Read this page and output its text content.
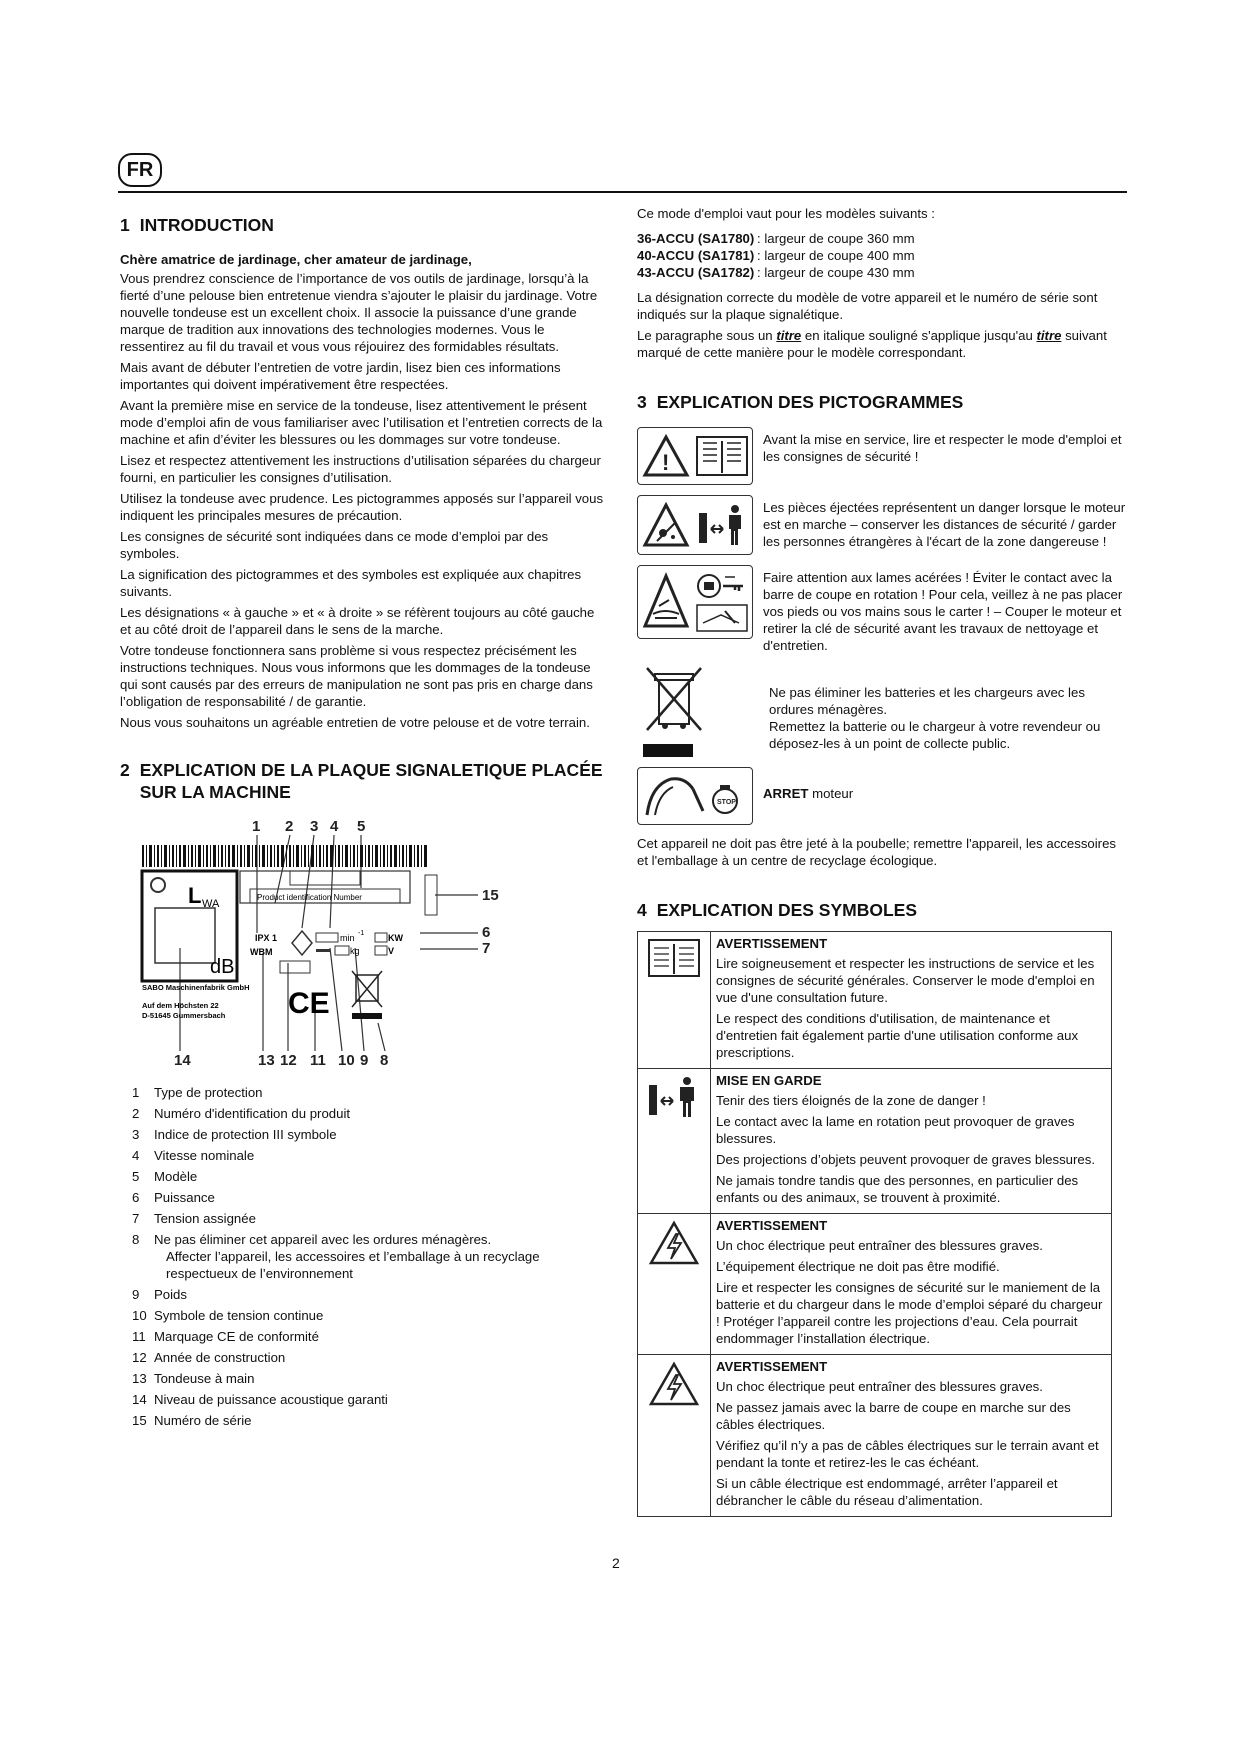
FR
1 INTRODUCTION

Chère amatrice de jardinage, cher amateur de jardinage,

Vous prendrez conscience de l’importance de vos outils de jardinage, lorsqu’à la fierté d’une pelouse bien entretenue viendra s’ajouter le plaisir du jardinage. Votre nouvelle tondeuse est un excellent choix. Il associe la puissance d’une grande marque de tradition aux innovations des technologies modernes. Vous le ressentirez au fil du travail et vous vous réjouirez des formidables résultats.

Mais avant de débuter l’entretien de votre jardin, lisez bien ces informations importantes qui doivent impérativement être respectées.

Avant la première mise en service de la tondeuse, lisez attentivement le présent mode d’emploi afin de vous familiariser avec l’utilisation et l’entretien corrects de la machine et afin d’éviter les blessures ou les dommages sur votre tondeuse.

Lisez et respectez attentivement les instructions d’utilisation séparées du chargeur fourni, en particulier les consignes d’utilisation.

Utilisez la tondeuse avec prudence. Les pictogrammes apposés sur l’appareil vous indiquent les principales mesures de précaution.

Les consignes de sécurité sont indiquées dans ce mode d’emploi par des symboles.

La signification des pictogrammes et des symboles est expliquée aux chapitres suivants.

Les désignations « à gauche » et « à droite » se réfèrent toujours au côté gauche et au côté droit de l’appareil dans le sens de la marche.

Votre tondeuse fonctionnera sans problème si vous respectez précisément les instructions techniques. Nous vous informons que les dommages de la tondeuse qui sont causés par des erreurs de manipulation ne sont pas pris en charge dans l’obligation de responsabilité / de garantie.

Nous vous souhaitons un agréable entretien de votre pelouse et de votre terrain.

2 EXPLICATION DE LA PLAQUE SIGNALETIQUE PLACÉE SUR LA MACHINE
1 2 3 4 5
15
6
7
14	13 12 11 10 9 8
L WA
dB
Product identification Number
IPX 1
WBM
min -1
kg
KW
V
SABO Maschinenfabrik GmbH
Auf dem Höchsten 22
D-51645 Gummersbach CE
1	Type de protection
2	Numéro d'identification du produit
3	Indice de protection III symbole
4	Vitesse nominale
5	Modèle
6	Puissance
7	Tension assignée
8	Ne pas éliminer cet appareil avec les ordures ménagères.

Affecter l’appareil, les accessoires et l’emballage à un recyclage respectueux de l’environnement
9	Poids
10 Symbole de tension continue
11 Marquage CE de conformité
12 Année de construction
13 Tondeuse à main
14 Niveau de puissance acoustique garanti
15 Numéro de série

Ce mode d'emploi vaut pour les modèles suivants :

36-ACCU (SA1780) : largeur de coupe 360 mm
40-ACCU (SA1781) : largeur de coupe 400 mm
43-ACCU (SA1782) : largeur de coupe 430 mm

La désignation correcte du modèle de votre appareil et le numéro de série sont indiqués sur la plaque signalétique.

Le paragraphe sous un titre en italique souligné s'applique jusqu'au titre suivant marqué de cette manière pour le modèle correspondant.

3 EXPLICATION DES PICTOGRAMMES
!
Avant la mise en service, lire et respecter le mode d'emploi et les consignes de sécurité !
Les pièces éjectées représentent un danger lorsque le moteur est en marche – conserver les distances de sécurité / garder les personnes étrangères à l'écart de la zone dangereuse !
Faire attention aux lames acérées ! Éviter le contact avec la barre de coupe en rotation ! Pour cela, veillez à ne pas placer vos pieds ou vos mains sous le carter ! – Couper le moteur et retirer la clé de sécurité avant les travaux de nettoyage et d'entretien.
Ne pas éliminer les batteries et les chargeurs avec les ordures ménagères.
Remettez la batterie ou le chargeur à votre revendeur ou déposez-les à un point de collecte public.
STOP
ARRET moteur

Cet appareil ne doit pas être jeté à la poubelle; remettre l'appareil, les accessoires et l'emballage à un centre de recyclage écologique.

4 EXPLICATION DES SYMBOLES

AVERTISSEMENT

Lire soigneusement et respecter les instructions de service et les consignes de sécurité générales. Conserver le mode d'emploi en vue d'une consultation future.

Le respect des conditions d'utilisation, de maintenance et d'entretien fait également partie d'une utilisation conforme aux prescriptions.

MISE EN GARDE

Tenir des tiers éloignés de la zone de danger !

Le contact avec la lame en rotation peut provoquer de graves blessures.

Des projections d’objets peuvent provoquer de graves blessures.

Ne jamais tondre tandis que des personnes, en particulier des enfants ou des animaux, se trouvent à proximité.

AVERTISSEMENT

Un choc électrique peut entraîner des blessures graves.

L’équipement électrique ne doit pas être modifié.

Lire et respecter les consignes de sécurité sur le maniement de la batterie et du chargeur dans le mode d’emploi séparé du chargeur ! Protéger l’appareil contre les projections d’eau. Cela pourrait endommager l’installation électrique.

AVERTISSEMENT

Un choc électrique peut entraîner des blessures graves.

Ne passez jamais avec la barre de coupe en marche sur des câbles électriques.

Vérifiez qu’il n’y a pas de câbles électriques sur le terrain avant et pendant la tonte et retirez-les le cas échéant.

Si un câble électrique est endommagé, arrêter l’appareil et débrancher le câble du réseau d’alimentation.

2
